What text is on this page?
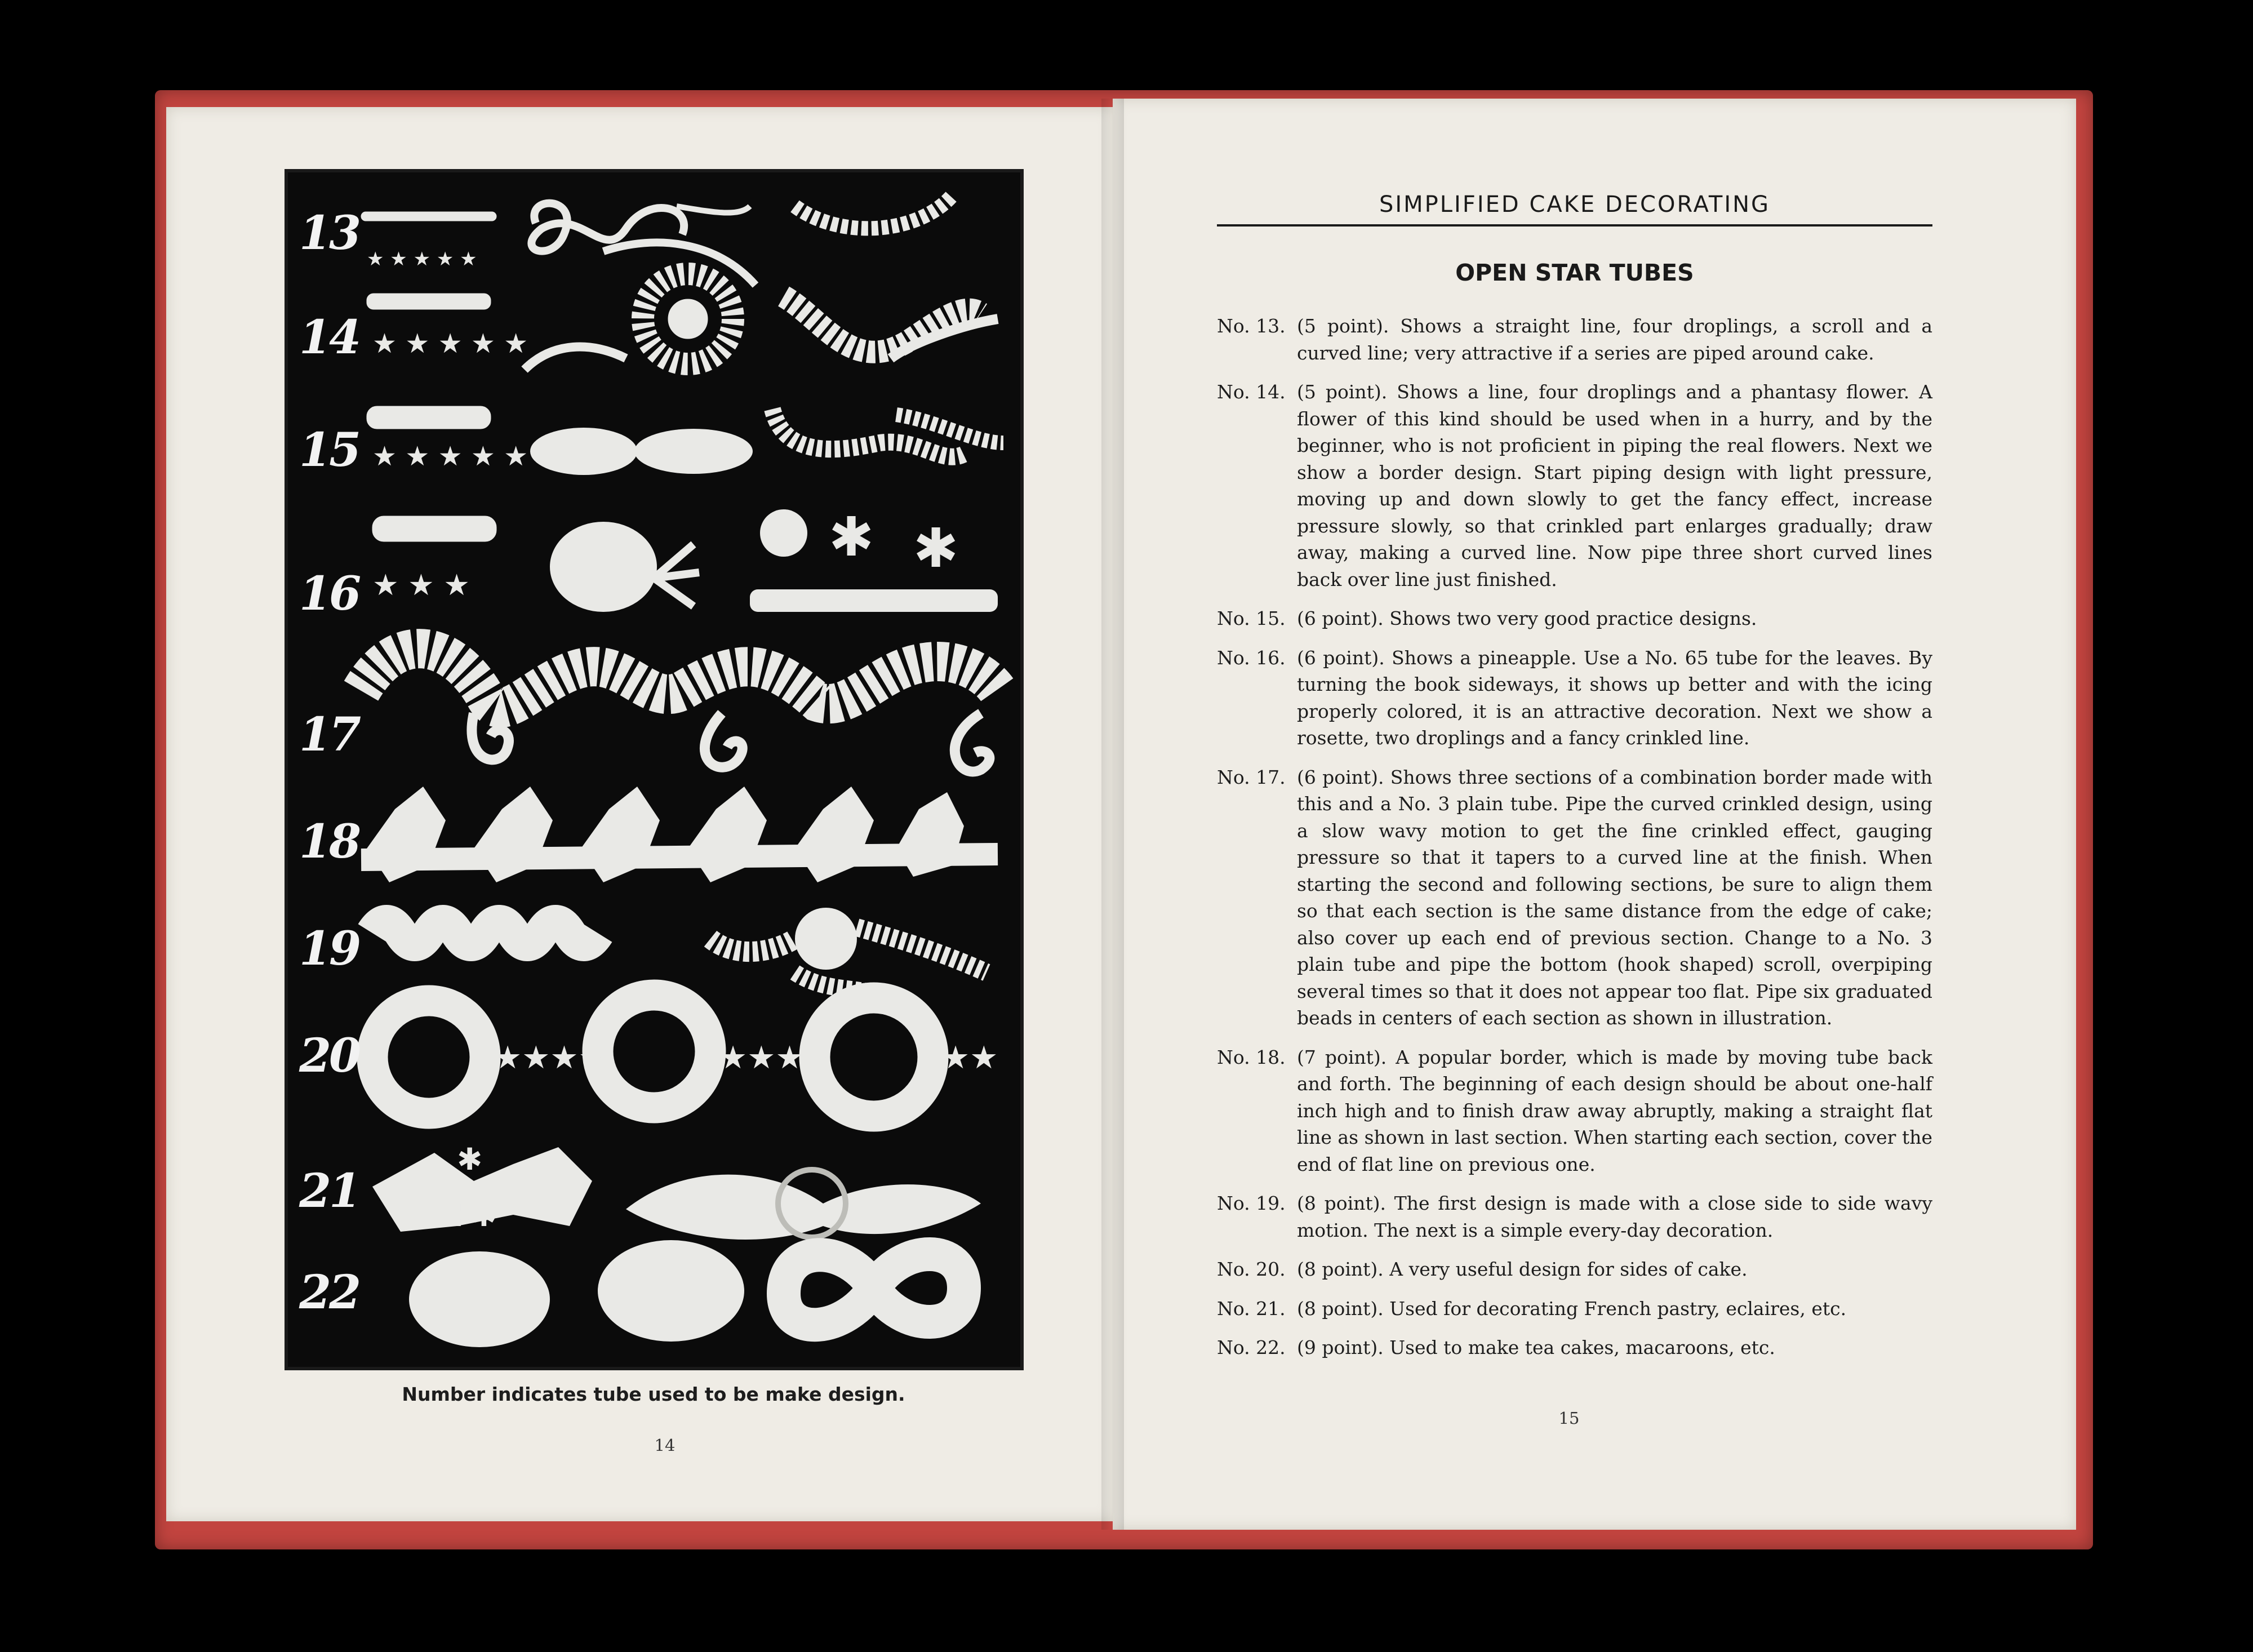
★ ★ ★ ★ ★
★ ★ ★ ★ ★
★ ★ ★ ★ ★
★ ★ ★
✱ ✱
★★★★	★★★★	★★
✱
✱✱
13
14
15
16
17
18
19
20
21
22
Number indicates tube used to be make design.
14
SIMPLIFIED CAKE DECORATING
OPEN STAR TUBES
No. 13. (5 point). Shows a straight line, four droplings, a scroll and a curved line; very attractive if a series are piped around cake.
No. 14. (5 point). Shows a line, four droplings and a phantasy flower. A flower of this kind should be used when in a hurry, and by the beginner, who is not proficient in piping the real flowers. Next we show a border design. Start piping design with light pressure, moving up and down slowly to get the fancy effect, increase pressure slowly, so that crinkled part enlarges gradually; draw away, making a curved line. Now pipe three short curved lines back over line just finished.
No. 15. (6 point). Shows two very good practice designs.
No. 16. (6 point). Shows a pineapple. Use a No. 65 tube for the leaves. By turning the book sideways, it shows up better and with the icing properly colored, it is an attractive decoration. Next we show a rosette, two droplings and a fancy crinkled line.
No. 17. (6 point). Shows three sections of a combination border made with this and a No. 3 plain tube. Pipe the curved crinkled design, using a slow wavy motion to get the fine crinkled effect, gauging pressure so that it tapers to a curved line at the finish. When starting the second and following sections, be sure to align them so that each section is the same distance from the edge of cake; also cover up each end of previous section. Change to a No. 3 plain tube and pipe the bottom (hook shaped) scroll, overpiping several times so that it does not appear too flat. Pipe six graduated beads in centers of each section as shown in illustration.
No. 18. (7 point). A popular border, which is made by moving tube back and forth. The beginning of each design should be about one-half inch high and to finish draw away abruptly, making a straight flat line as shown in last section. When starting each section, cover the end of flat line on previous one.
No. 19. (8 point). The first design is made with a close side to side wavy motion. The next is a simple every-day decoration.
No. 20. (8 point). A very useful design for sides of cake.
No. 21. (8 point). Used for decorating French pastry, eclaires, etc.
No. 22. (9 point). Used to make tea cakes, macaroons, etc.
15
